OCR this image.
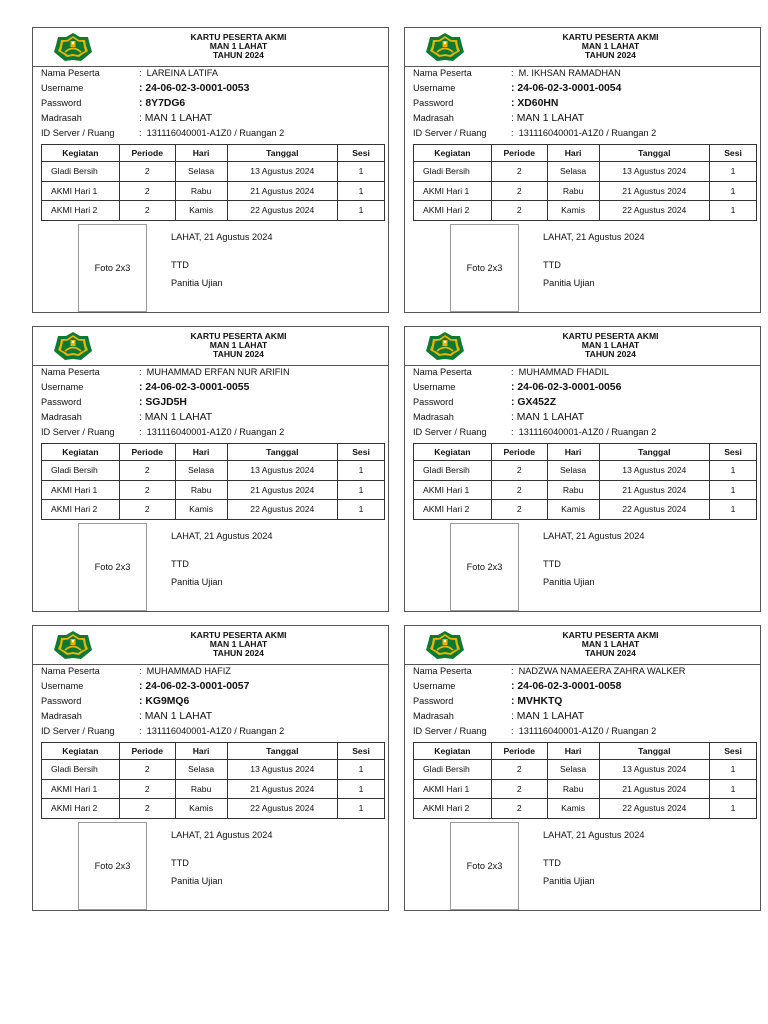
KARTU PESERTA AKMI
MAN 1 LAHAT
TAHUN 2024
Nama Peserta	: LAREINA LATIFA
Username	: 24-06-02-3-0001-0053
Password	: 8Y7DG6
Madrasah	: MAN 1 LAHAT
ID Server / Ruang	: 131116040001-A1Z0 / Ruangan 2
Kegiatan	Periode	Hari	Tanggal	Sesi
Gladi Bersih	2	Selasa	13 Agustus 2024	1
AKMI Hari 1	2	Rabu	21 Agustus 2024	1
AKMI Hari 2	2	Kamis	22 Agustus 2024	1
Foto 2x3
LAHAT, 21 Agustus 2024
TTD
Panitia Ujian
KARTU PESERTA AKMI
MAN 1 LAHAT
TAHUN 2024
Nama Peserta	: M. IKHSAN RAMADHAN
Username	: 24-06-02-3-0001-0054
Password	: XD60HN
Madrasah	: MAN 1 LAHAT
ID Server / Ruang	: 131116040001-A1Z0 / Ruangan 2
Kegiatan	Periode	Hari	Tanggal	Sesi
Gladi Bersih	2	Selasa	13 Agustus 2024	1
AKMI Hari 1	2	Rabu	21 Agustus 2024	1
AKMI Hari 2	2	Kamis	22 Agustus 2024	1
Foto 2x3
LAHAT, 21 Agustus 2024
TTD
Panitia Ujian
KARTU PESERTA AKMI
MAN 1 LAHAT
TAHUN 2024
Nama Peserta	: MUHAMMAD ERFAN NUR ARIFIN
Username	: 24-06-02-3-0001-0055
Password	: SGJD5H
Madrasah	: MAN 1 LAHAT
ID Server / Ruang	: 131116040001-A1Z0 / Ruangan 2
Kegiatan	Periode	Hari	Tanggal	Sesi
Gladi Bersih	2	Selasa	13 Agustus 2024	1
AKMI Hari 1	2	Rabu	21 Agustus 2024	1
AKMI Hari 2	2	Kamis	22 Agustus 2024	1
Foto 2x3
LAHAT, 21 Agustus 2024
TTD
Panitia Ujian
KARTU PESERTA AKMI
MAN 1 LAHAT
TAHUN 2024
Nama Peserta	: MUHAMMAD FHADIL
Username	: 24-06-02-3-0001-0056
Password	: GX452Z
Madrasah	: MAN 1 LAHAT
ID Server / Ruang	: 131116040001-A1Z0 / Ruangan 2
Kegiatan	Periode	Hari	Tanggal	Sesi
Gladi Bersih	2	Selasa	13 Agustus 2024	1
AKMI Hari 1	2	Rabu	21 Agustus 2024	1
AKMI Hari 2	2	Kamis	22 Agustus 2024	1
Foto 2x3
LAHAT, 21 Agustus 2024
TTD
Panitia Ujian
KARTU PESERTA AKMI
MAN 1 LAHAT
TAHUN 2024
Nama Peserta	: MUHAMMAD HAFIZ
Username	: 24-06-02-3-0001-0057
Password	: KG9MQ6
Madrasah	: MAN 1 LAHAT
ID Server / Ruang	: 131116040001-A1Z0 / Ruangan 2
Kegiatan	Periode	Hari	Tanggal	Sesi
Gladi Bersih	2	Selasa	13 Agustus 2024	1
AKMI Hari 1	2	Rabu	21 Agustus 2024	1
AKMI Hari 2	2	Kamis	22 Agustus 2024	1
Foto 2x3
LAHAT, 21 Agustus 2024
TTD
Panitia Ujian
KARTU PESERTA AKMI
MAN 1 LAHAT
TAHUN 2024
Nama Peserta	: NADZWA NAMAEERA ZAHRA WALKER
Username	: 24-06-02-3-0001-0058
Password	: MVHKTQ
Madrasah	: MAN 1 LAHAT
ID Server / Ruang	: 131116040001-A1Z0 / Ruangan 2
Kegiatan	Periode	Hari	Tanggal	Sesi
Gladi Bersih	2	Selasa	13 Agustus 2024	1
AKMI Hari 1	2	Rabu	21 Agustus 2024	1
AKMI Hari 2	2	Kamis	22 Agustus 2024	1
Foto 2x3
LAHAT, 21 Agustus 2024
TTD
Panitia Ujian
